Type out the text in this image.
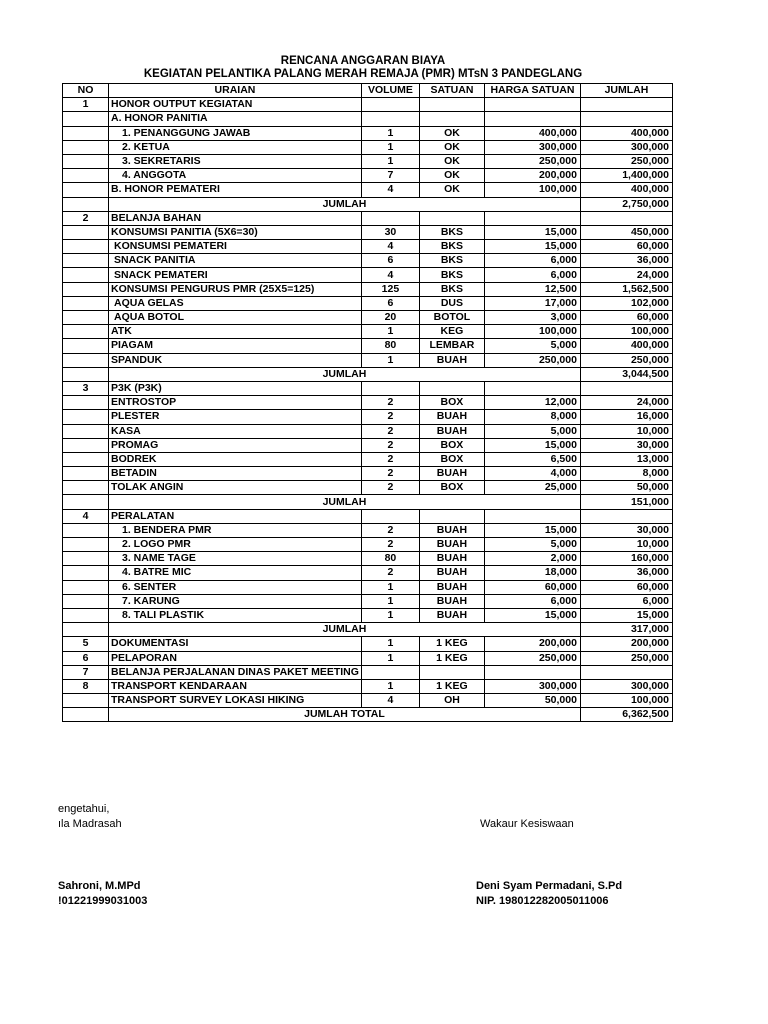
RENCANA ANGGARAN BIAYA
KEGIATAN PELANTIKA PALANG MERAH REMAJA (PMR) MTsN 3 PANDEGLANG
NO	URAIAN	VOLUME	SATUAN	HARGA SATUAN	JUMLAH
1	HONOR OUTPUT KEGIATAN				
	A. HONOR PANITIA				
	1. PENANGGUNG JAWAB	1	OK	400,000	400,000
	2. KETUA	1	OK	300,000	300,000
	3. SEKRETARIS	1	OK	250,000	250,000
	4. ANGGOTA	7	OK	200,000	1,400,000
	B. HONOR PEMATERI	4	OK	100,000	400,000
	JUMLAH				2,750,000
2	BELANJA BAHAN				
	KONSUMSI PANITIA (5X6=30)	30	BKS	15,000	450,000
	KONSUMSI PEMATERI	4	BKS	15,000	60,000
	SNACK PANITIA	6	BKS	6,000	36,000
	SNACK PEMATERI	4	BKS	6,000	24,000
	KONSUMSI PENGURUS PMR (25X5=125)	125	BKS	12,500	1,562,500
	AQUA GELAS	6	DUS	17,000	102,000
	AQUA BOTOL	20	BOTOL	3,000	60,000
	ATK	1	KEG	100,000	100,000
	PIAGAM	80	LEMBAR	5,000	400,000
	SPANDUK	1	BUAH	250,000	250,000
	JUMLAH				3,044,500
3	P3K (P3K)				
	ENTROSTOP	2	BOX	12,000	24,000
	PLESTER	2	BUAH	8,000	16,000
	KASA	2	BUAH	5,000	10,000
	PROMAG	2	BOX	15,000	30,000
	BODREK	2	BOX	6,500	13,000
	BETADIN	2	BUAH	4,000	8,000
	TOLAK ANGIN	2	BOX	25,000	50,000
	JUMLAH				151,000
4	PERALATAN				
	1. BENDERA PMR	2	BUAH	15,000	30,000
	2. LOGO PMR	2	BUAH	5,000	10,000
	3. NAME TAGE	80	BUAH	2,000	160,000
	4. BATRE MIC	2	BUAH	18,000	36,000
	6. SENTER	1	BUAH	60,000	60,000
	7. KARUNG	1	BUAH	6,000	6,000
	8. TALI PLASTIK	1	BUAH	15,000	15,000
	JUMLAH				317,000
5	DOKUMENTASI	1	1 KEG	200,000	200,000
6	PELAPORAN	1	1 KEG	250,000	250,000
7	BELANJA PERJALANAN DINAS PAKET MEETING				
8	TRANSPORT KENDARAAN	1	1 KEG	300,000	300,000
	TRANSPORT SURVEY LOKASI HIKING	4	OH	50,000	100,000
	JUMLAH TOTAL				6,362,500
engetahui,
ıla Madrasah	Wakaur Kesiswaan
Sahroni, M.MPd
!01221999031003
Deni Syam Permadani, S.Pd
NIP. 198012282005011006
